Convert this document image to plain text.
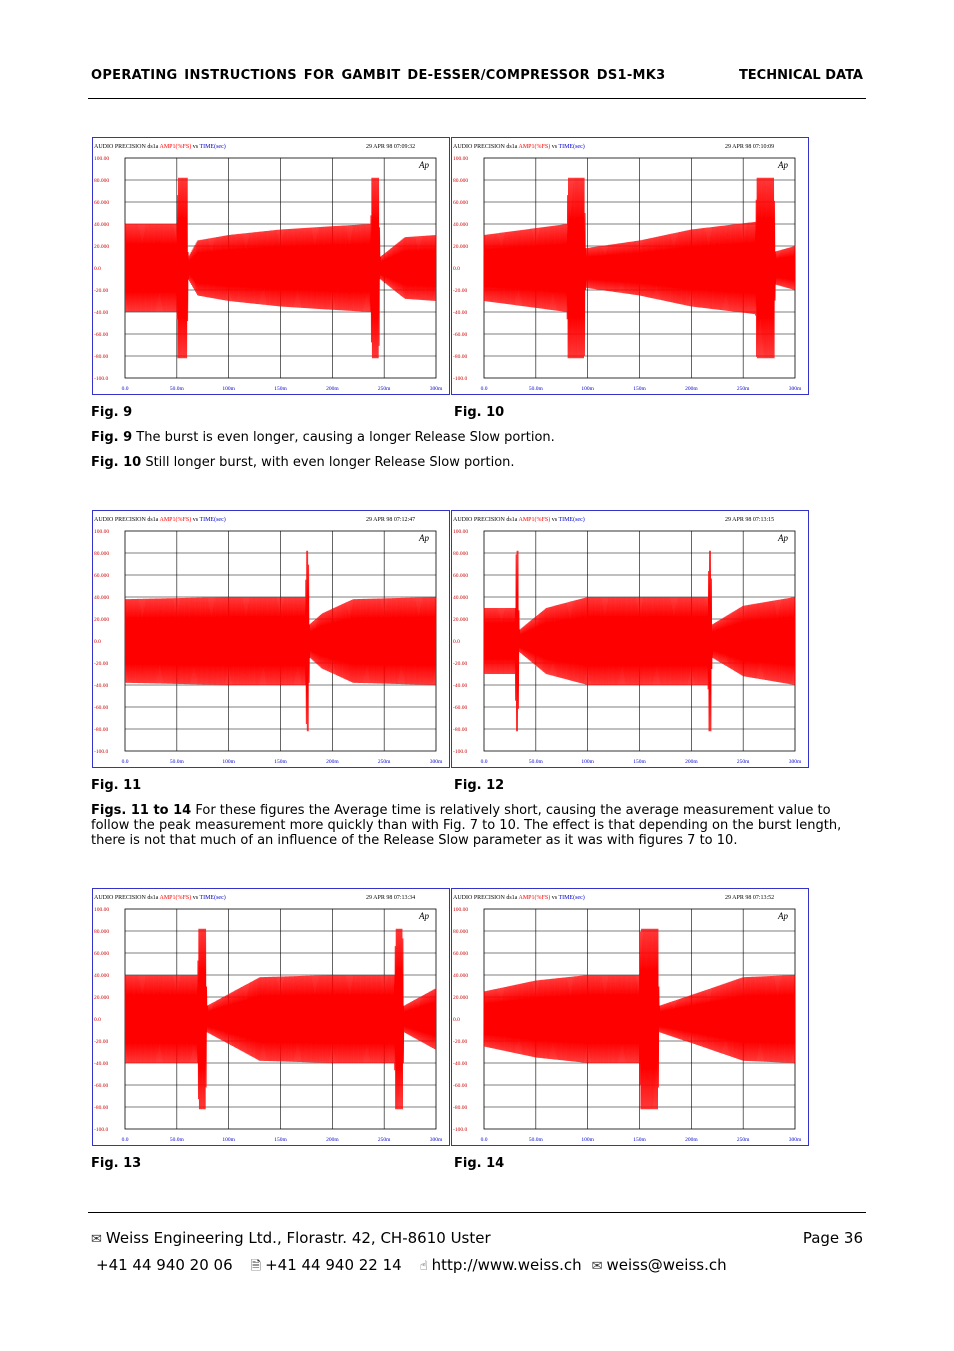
OPERATING INSTRUCTIONS FOR GAMBIT DE-ESSER/COMPRESSOR DS1-MK3	TECHNICAL DATA
AUDIO PRECISION ds1a AMP1(%FS) vs TIME(sec)	29 APR 98 07:09:32
100.00
80.000
60.000
40.000
20.000
0.0
-20.00
-40.00
-60.00
-80.00
-100.0
0.0	50.0m	100m	150m	200m	250m	300m
Ap
AUDIO PRECISION ds1a AMP1(%FS) vs TIME(sec)	29 APR 98 07:10:09
100.00
80.000
60.000
40.000
20.000
0.0
-20.00
-40.00
-60.00
-80.00
-100.0
0.0	50.0m	100m	150m	200m	250m	300m
Ap
Fig. 9	Fig. 10
Fig. 9 The burst is even longer, causing a longer Release Slow portion.
Fig. 10 Still longer burst, with even longer Release Slow portion.
AUDIO PRECISION ds1a AMP1(%FS) vs TIME(sec)	29 APR 98 07:12:47
100.00
80.000
60.000
40.000
20.000
0.0
-20.00
-40.00
-60.00
-80.00
-100.0
0.0	50.0m	100m	150m	200m	250m	300m
Ap
AUDIO PRECISION ds1a AMP1(%FS) vs TIME(sec)	29 APR 98 07:13:15
100.00
80.000
60.000
40.000
20.000
0.0
-20.00
-40.00
-60.00
-80.00
-100.0
0.0	50.0m	100m	150m	200m	250m	300m
Ap
Fig. 11	Fig. 12
Figs. 11 to 14 For these figures the Average time is relatively short, causing the average measurement value to follow the peak measurement more quickly than with Fig. 7 to 10. The effect is that depending on the burst length, there is not that much of an influence of the Release Slow parameter as it was with figures 7 to 10.
AUDIO PRECISION ds1a AMP1(%FS) vs TIME(sec)	29 APR 98 07:13:34
100.00
80.000
60.000
40.000
20.000
0.0
-20.00
-40.00
-60.00
-80.00
-100.0
0.0	50.0m	100m	150m	200m	250m	300m
Ap
AUDIO PRECISION ds1a AMP1(%FS) vs TIME(sec)	29 APR 98 07:13:52
100.00
80.000
60.000
40.000
20.000
0.0
-20.00
-40.00
-60.00
-80.00
-100.0
0.0	50.0m	100m	150m	200m	250m	300m
Ap
Fig. 13	Fig. 14
✉ Weiss Engineering Ltd., Florastr. 42, CH-8610 Uster	Page 36
+41 44 940 20 06 🗎 +41 44 940 22 14 ☝ http://www.weiss.ch ✉ weiss@weiss.ch
